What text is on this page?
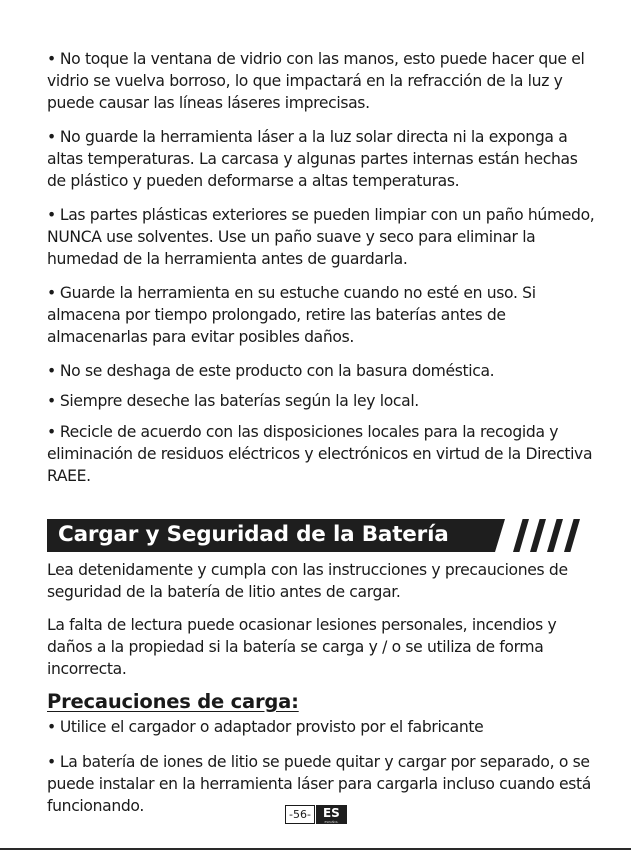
• No toque la ventana de vidrio con las manos, esto puede hacer que el vidrio se vuelva borroso, lo que impactará en la refracción de la luz y puede causar las líneas láseres imprecisas.

• No guarde la herramienta láser a la luz solar directa ni la exponga a altas temperaturas. La carcasa y algunas partes internas están hechas de plástico y pueden deformarse a altas temperaturas.

• Las partes plásticas exteriores se pueden limpiar con un paño húmedo, NUNCA use solventes. Use un paño suave y seco para eliminar la humedad de la herramienta antes de guardarla.

• Guarde la herramienta en su estuche cuando no esté en uso. Si almacena por tiempo prolongado, retire las baterías antes de almacenarlas para evitar posibles daños.

• No se deshaga de este producto con la basura doméstica.

• Siempre deseche las baterías según la ley local.

• Recicle de acuerdo con las disposiciones locales para la recogida y eliminación de residuos eléctricos y electrónicos en virtud de la Directiva RAEE.

Cargar y Seguridad de la Batería

Lea detenidamente y cumpla con las instrucciones y precauciones de seguridad de la batería de litio antes de cargar.

La falta de lectura puede ocasionar lesiones personales, incendios y daños a la propiedad si la batería se carga y / o se utiliza de forma incorrecta.

Precauciones de carga:

• Utilice el cargador o adaptador provisto por el fabricante

• La batería de iones de litio se puede quitar y cargar por separado, o se puede instalar en la herramienta láser para cargarla incluso cuando está funcionando.	-56-	ES
ESPAÑOL
